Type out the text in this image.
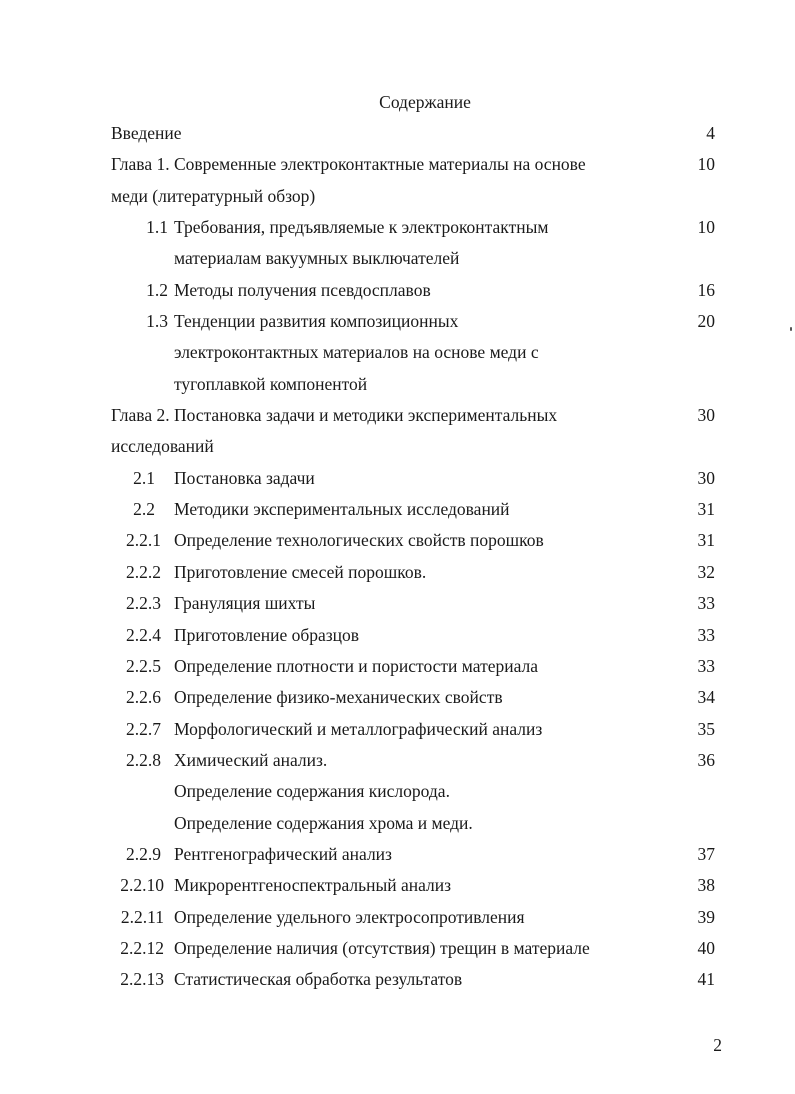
Содержание
Введение	4
Глава 1. Современные электроконтактные материалы на основе	10
меди (литературный обзор)
1.1 Требования, предъявляемые к электроконтактным	10
материалам вакуумных выключателей
1.2 Методы получения псевдосплавов	16
1.3 Тенденции развития композиционных	20
электроконтактных материалов на основе меди с
тугоплавкой компонентой
Глава 2. Постановка задачи и методики экспериментальных	30
исследований
2.1 Постановка задачи	30
2.2 Методики экспериментальных исследований	31
2.2.1 Определение технологических свойств порошков	31
2.2.2 Приготовление смесей порошков.	32
2.2.3 Грануляция шихты	33
2.2.4 Приготовление образцов	33
2.2.5 Определение плотности и пористости материала	33
2.2.6 Определение физико-механических свойств	34
2.2.7 Морфологический и металлографический анализ	35
2.2.8 Химический анализ.	36
Определение содержания кислорода.
Определение содержания хрома и меди.
2.2.9 Рентгенографический анализ	37
2.2.10 Микрорентгеноспектральный анализ	38
2.2.11 Определение удельного электросопротивления	39
2.2.12 Определение наличия (отсутствия) трещин в материале	40
2.2.13 Статистическая обработка результатов	41
2
